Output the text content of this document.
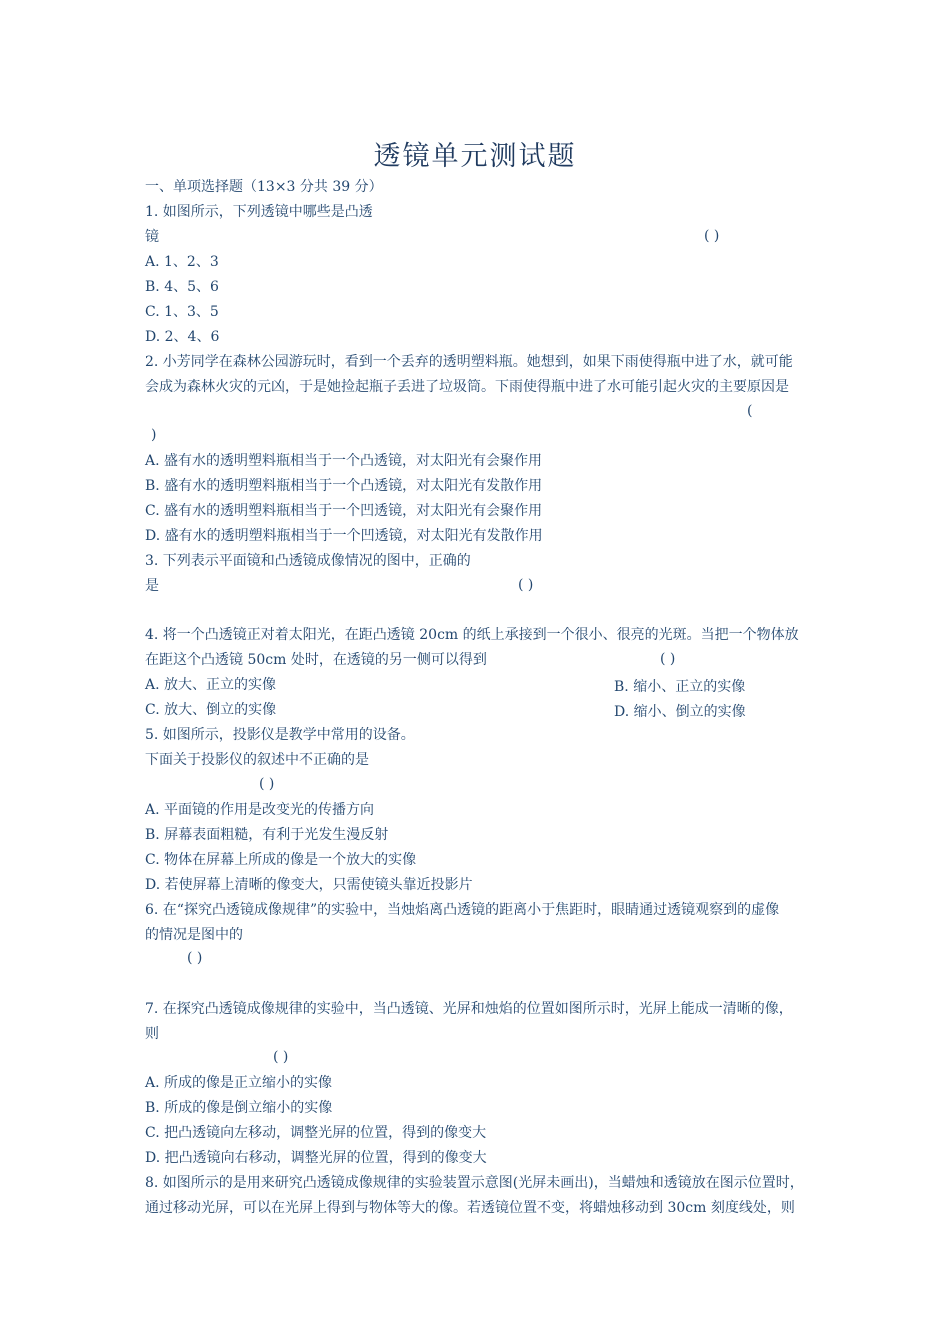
透镜单元测试题
一、单项选择题（13×3 分共 39 分）
1. 如图所示，下列透镜中哪些是凸透
镜	( )
A. 1、2、3
B. 4、5、6
C. 1、3、5
D. 2、4、6
2. 小芳同学在森林公园游玩时，看到一个丢弃的透明塑料瓶。她想到，如果下雨使得瓶中进了水，就可能
会成为森林火灾的元凶，于是她捡起瓶子丢进了垃圾筒。下雨使得瓶中进了水可能引起火灾的主要原因是
(
)
A. 盛有水的透明塑料瓶相当于一个凸透镜，对太阳光有会聚作用
B. 盛有水的透明塑料瓶相当于一个凸透镜，对太阳光有发散作用
C. 盛有水的透明塑料瓶相当于一个凹透镜，对太阳光有会聚作用
D. 盛有水的透明塑料瓶相当于一个凹透镜，对太阳光有发散作用
3. 下列表示平面镜和凸透镜成像情况的图中，正确的
是	( )
4. 将一个凸透镜正对着太阳光，在距凸透镜 20cm 的纸上承接到一个很小、很亮的光斑。当把一个物体放
在距这个凸透镜 50cm 处时，在透镜的另一侧可以得到	( )
A. 放大、正立的实像	B. 缩小、正立的实像
C. 放大、倒立的实像	D. 缩小、倒立的实像
5. 如图所示，投影仪是教学中常用的设备。
下面关于投影仪的叙述中不正确的是
( )
A. 平面镜的作用是改变光的传播方向
B. 屏幕表面粗糙，有利于光发生漫反射
C. 物体在屏幕上所成的像是一个放大的实像
D. 若使屏幕上清晰的像变大，只需使镜头靠近投影片
6. 在“探究凸透镜成像规律”的实验中，当烛焰离凸透镜的距离小于焦距时，眼睛通过透镜观察到的虚像
的情况是图中的
( )
7. 在探究凸透镜成像规律的实验中，当凸透镜、光屏和烛焰的位置如图所示时，光屏上能成一清晰的像，
则
( )
A. 所成的像是正立缩小的实像
B. 所成的像是倒立缩小的实像
C. 把凸透镜向左移动，调整光屏的位置，得到的像变大
D. 把凸透镜向右移动，调整光屏的位置，得到的像变大
8. 如图所示的是用来研究凸透镜成像规律的实验装置示意图(光屏未画出)，当蜡烛和透镜放在图示位置时，
通过移动光屏，可以在光屏上得到与物体等大的像。若透镜位置不变，将蜡烛移动到 30cm 刻度线处，则
